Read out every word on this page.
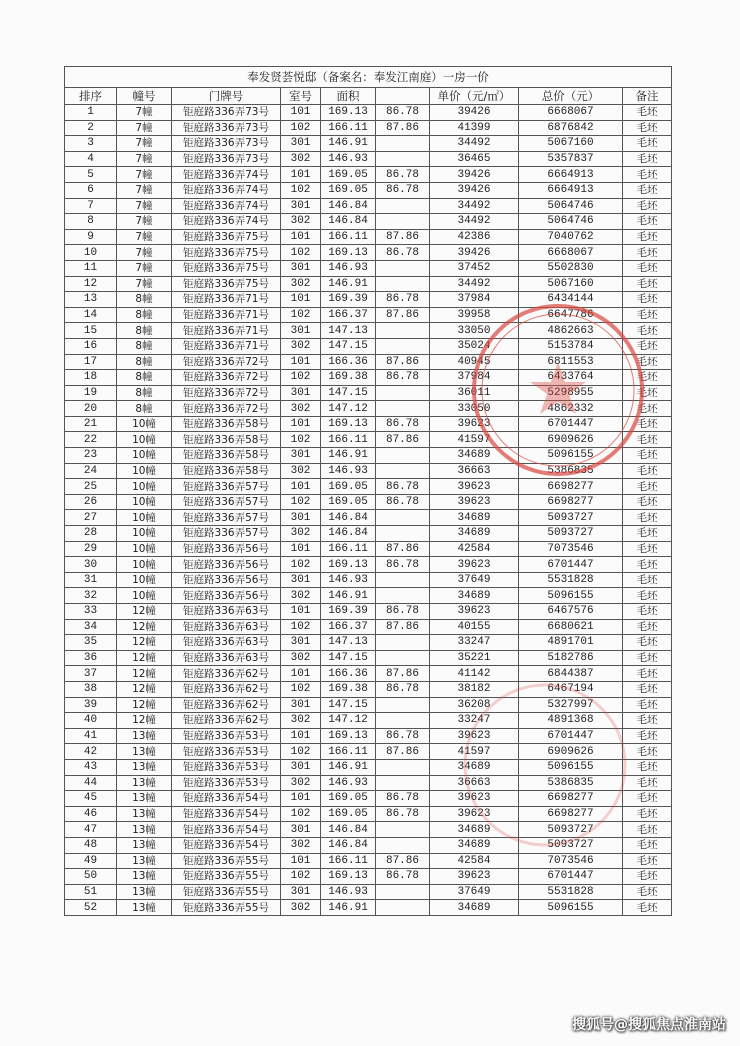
奉发贤荟悦邸（备案名：奉发江南庭）一房一价								
排序	幢号	门牌号	室号	面积		单价（元/㎡）	总价（元）	备注
1	7幢	钜庭路336弄73号	101	169.13	86.78	39426	6668067	毛坯
2	7幢	钜庭路336弄73号	102	166.11	87.86	41399	6876842	毛坯
3	7幢	钜庭路336弄73号	301	146.91		34492	5067160	毛坯
4	7幢	钜庭路336弄73号	302	146.93		36465	5357837	毛坯
5	7幢	钜庭路336弄74号	101	169.05	86.78	39426	6664913	毛坯
6	7幢	钜庭路336弄74号	102	169.05	86.78	39426	6664913	毛坯
7	7幢	钜庭路336弄74号	301	146.84		34492	5064746	毛坯
8	7幢	钜庭路336弄74号	302	146.84		34492	5064746	毛坯
9	7幢	钜庭路336弄75号	101	166.11	87.86	42386	7040762	毛坯
10	7幢	钜庭路336弄75号	102	169.13	86.78	39426	6668067	毛坯
11	7幢	钜庭路336弄75号	301	146.93		37452	5502830	毛坯
12	7幢	钜庭路336弄75号	302	146.91		34492	5067160	毛坯
13	8幢	钜庭路336弄71号	101	169.39	86.78	37984	6434144	毛坯
14	8幢	钜庭路336弄71号	102	166.37	87.86	39958	6647786	毛坯
15	8幢	钜庭路336弄71号	301	147.13		33050	4862663	毛坯
16	8幢	钜庭路336弄71号	302	147.15		35024	5153784	毛坯
17	8幢	钜庭路336弄72号	101	166.36	87.86	40945	6811553	毛坯
18	8幢	钜庭路336弄72号	102	169.38	86.78	37984	6433764	毛坯
19	8幢	钜庭路336弄72号	301	147.15		36011	5298955	毛坯
20	8幢	钜庭路336弄72号	302	147.12		33050	4862332	毛坯
21	10幢	钜庭路336弄58号	101	169.13	86.78	39623	6701447	毛坯
22	10幢	钜庭路336弄58号	102	166.11	87.86	41597	6909626	毛坯
23	10幢	钜庭路336弄58号	301	146.91		34689	5096155	毛坯
24	10幢	钜庭路336弄58号	302	146.93		36663	5386835	毛坯
25	10幢	钜庭路336弄57号	101	169.05	86.78	39623	6698277	毛坯
26	10幢	钜庭路336弄57号	102	169.05	86.78	39623	6698277	毛坯
27	10幢	钜庭路336弄57号	301	146.84		34689	5093727	毛坯
28	10幢	钜庭路336弄57号	302	146.84		34689	5093727	毛坯
29	10幢	钜庭路336弄56号	101	166.11	87.86	42584	7073546	毛坯
30	10幢	钜庭路336弄56号	102	169.13	86.78	39623	6701447	毛坯
31	10幢	钜庭路336弄56号	301	146.93		37649	5531828	毛坯
32	10幢	钜庭路336弄56号	302	146.91		34689	5096155	毛坯
33	12幢	钜庭路336弄63号	101	169.39	86.78	39623	6467576	毛坯
34	12幢	钜庭路336弄63号	102	166.37	87.86	40155	6680621	毛坯
35	12幢	钜庭路336弄63号	301	147.13		33247	4891701	毛坯
36	12幢	钜庭路336弄63号	302	147.15		35221	5182786	毛坯
37	12幢	钜庭路336弄62号	101	166.36	87.86	41142	6844387	毛坯
38	12幢	钜庭路336弄62号	102	169.38	86.78	38182	6467194	毛坯
39	12幢	钜庭路336弄62号	301	147.15		36208	5327997	毛坯
40	12幢	钜庭路336弄62号	302	147.12		33247	4891368	毛坯
41	13幢	钜庭路336弄53号	101	169.13	86.78	39623	6701447	毛坯
42	13幢	钜庭路336弄53号	102	166.11	87.86	41597	6909626	毛坯
43	13幢	钜庭路336弄53号	301	146.91		34689	5096155	毛坯
44	13幢	钜庭路336弄53号	302	146.93		36663	5386835	毛坯
45	13幢	钜庭路336弄54号	101	169.05	86.78	39623	6698277	毛坯
46	13幢	钜庭路336弄54号	102	169.05	86.78	39623	6698277	毛坯
47	13幢	钜庭路336弄54号	301	146.84		34689	5093727	毛坯
48	13幢	钜庭路336弄54号	302	146.84		34689	5093727	毛坯
49	13幢	钜庭路336弄55号	101	166.11	87.86	42584	7073546	毛坯
50	13幢	钜庭路336弄55号	102	169.13	86.78	39623	6701447	毛坯
51	13幢	钜庭路336弄55号	301	146.93		37649	5531828	毛坯
52	13幢	钜庭路336弄55号	302	146.91		34689	5096155	毛坯
搜狐号@搜狐焦点淮南站
